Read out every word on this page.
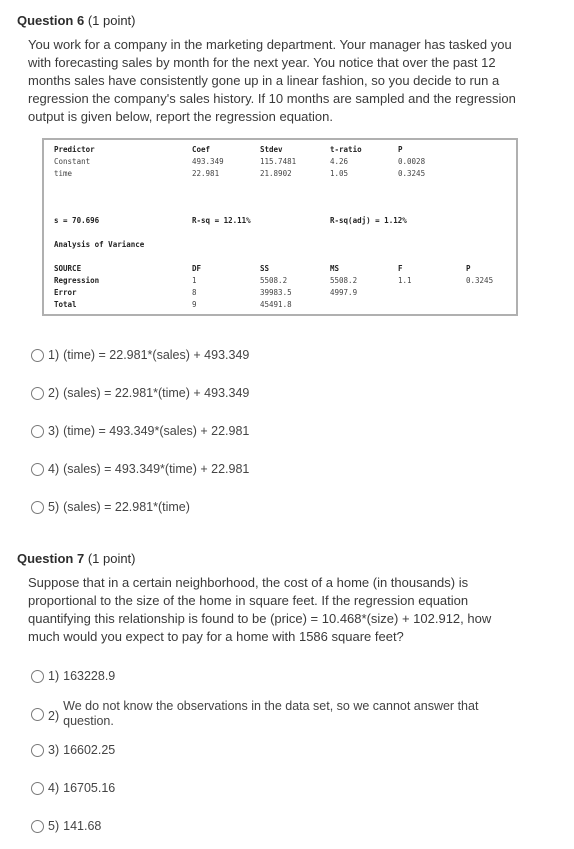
Question 6 (1 point)
You work for a company in the marketing department. Your manager has tasked you with forecasting sales by month for the next year. You notice that over the past 12 months sales have consistently gone up in a linear fashion, so you decide to run a regression the company's sales history. If 10 months are sampled and the regression output is given below, report the regression equation.
Predictor	Coef	Stdev	t-ratio	P
Constant	493.349	115.7481	4.26	0.0028
time	22.981	21.8902	1.05	0.3245
s = 70.696	R-sq = 12.11%	R-sq(adj) = 1.12%
Analysis of Variance
SOURCE	DF	SS	MS	F	P
Regression	1	5508.2	5508.2	1.1	0.3245
Error	8	39983.5	4997.9
Total	9	45491.8
1) (time) = 22.981*(sales) + 493.349
2) (sales) = 22.981*(time) + 493.349
3) (time) = 493.349*(sales) + 22.981
4) (sales) = 493.349*(time) + 22.981
5) (sales) = 22.981*(time)
Question 7 (1 point)
Suppose that in a certain neighborhood, the cost of a home (in thousands) is proportional to the size of the home in square feet. If the regression equation quantifying this relationship is found to be (price) = 10.468*(size) + 102.912, how much would you expect to pay for a home with 1586 square feet?
1) 163228.9
2)
We do not know the observations in the data set, so we cannot answer that question.
3) 16602.25
4) 16705.16
5) 141.68
